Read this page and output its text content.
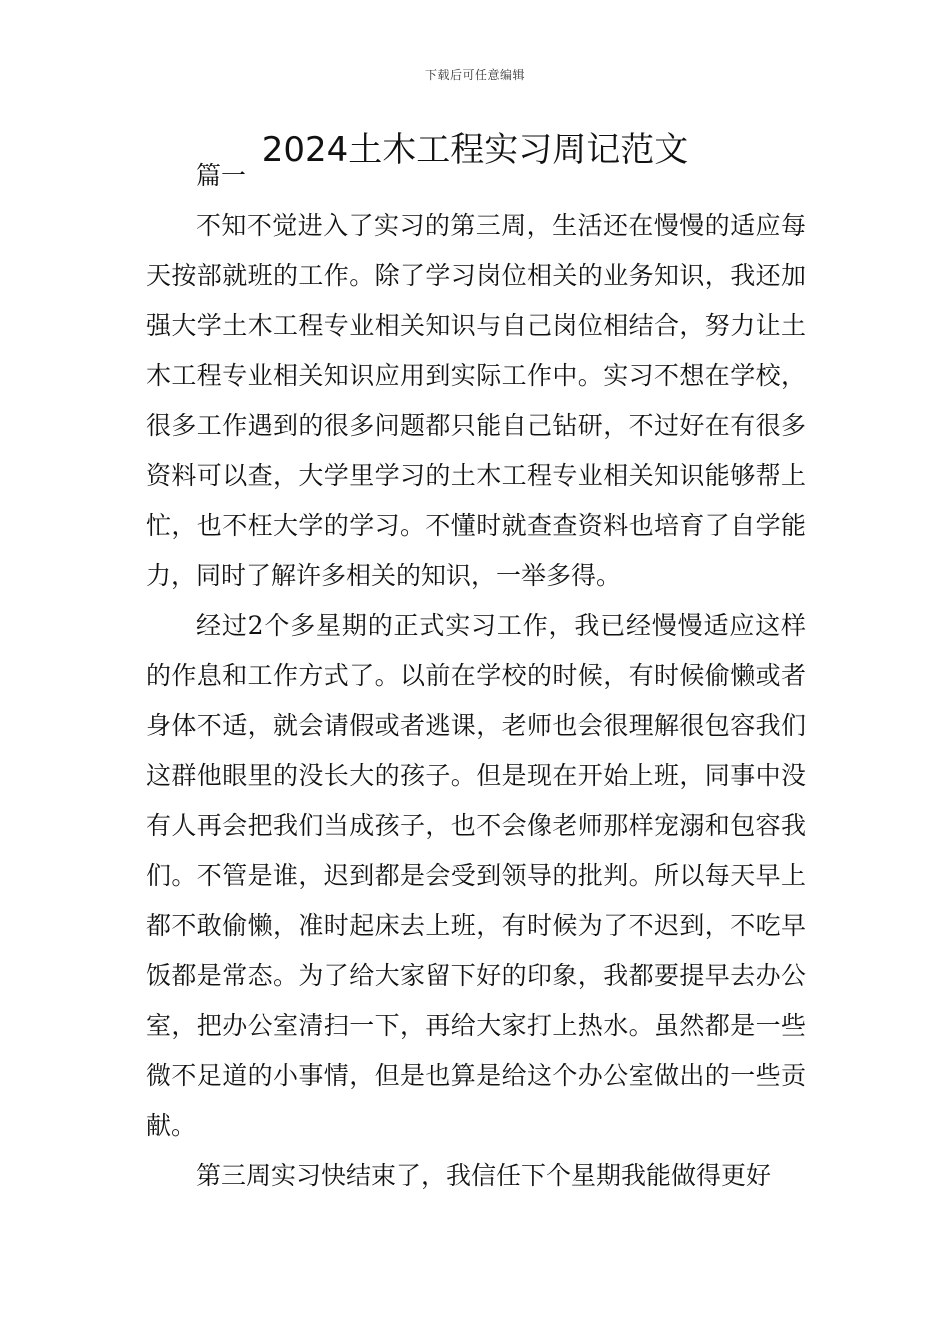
下载后可任意编辑
2024土木工程实习周记范文

篇一

不知不觉进入了实习的第三周，生活还在慢慢的适应每天按部就班的工作。除了学习岗位相关的业务知识，我还加强大学土木工程专业相关知识与自己岗位相结合，努力让土木工程专业相关知识应用到实际工作中。实习不想在学校，很多工作遇到的很多问题都只能自己钻研，不过好在有很多资料可以查，大学里学习的土木工程专业相关知识能够帮上忙，也不枉大学的学习。不懂时就查查资料也培育了自学能力，同时了解许多相关的知识，一举多得。

经过2个多星期的正式实习工作，我已经慢慢适应这样的作息和工作方式了。以前在学校的时候，有时候偷懒或者身体不适，就会请假或者逃课，老师也会很理解很包容我们这群他眼里的没长大的孩子。但是现在开始上班，同事中没有人再会把我们当成孩子，也不会像老师那样宠溺和包容我们。不管是谁，迟到都是会受到领导的批判。所以每天早上都不敢偷懒，准时起床去上班，有时候为了不迟到，不吃早饭都是常态。为了给大家留下好的印象，我都要提早去办公室，把办公室清扫一下，再给大家打上热水。虽然都是一些微不足道的小事情，但是也算是给这个办公室做出的一些贡献。

第三周实习快结束了，我信任下个星期我能做得更好
